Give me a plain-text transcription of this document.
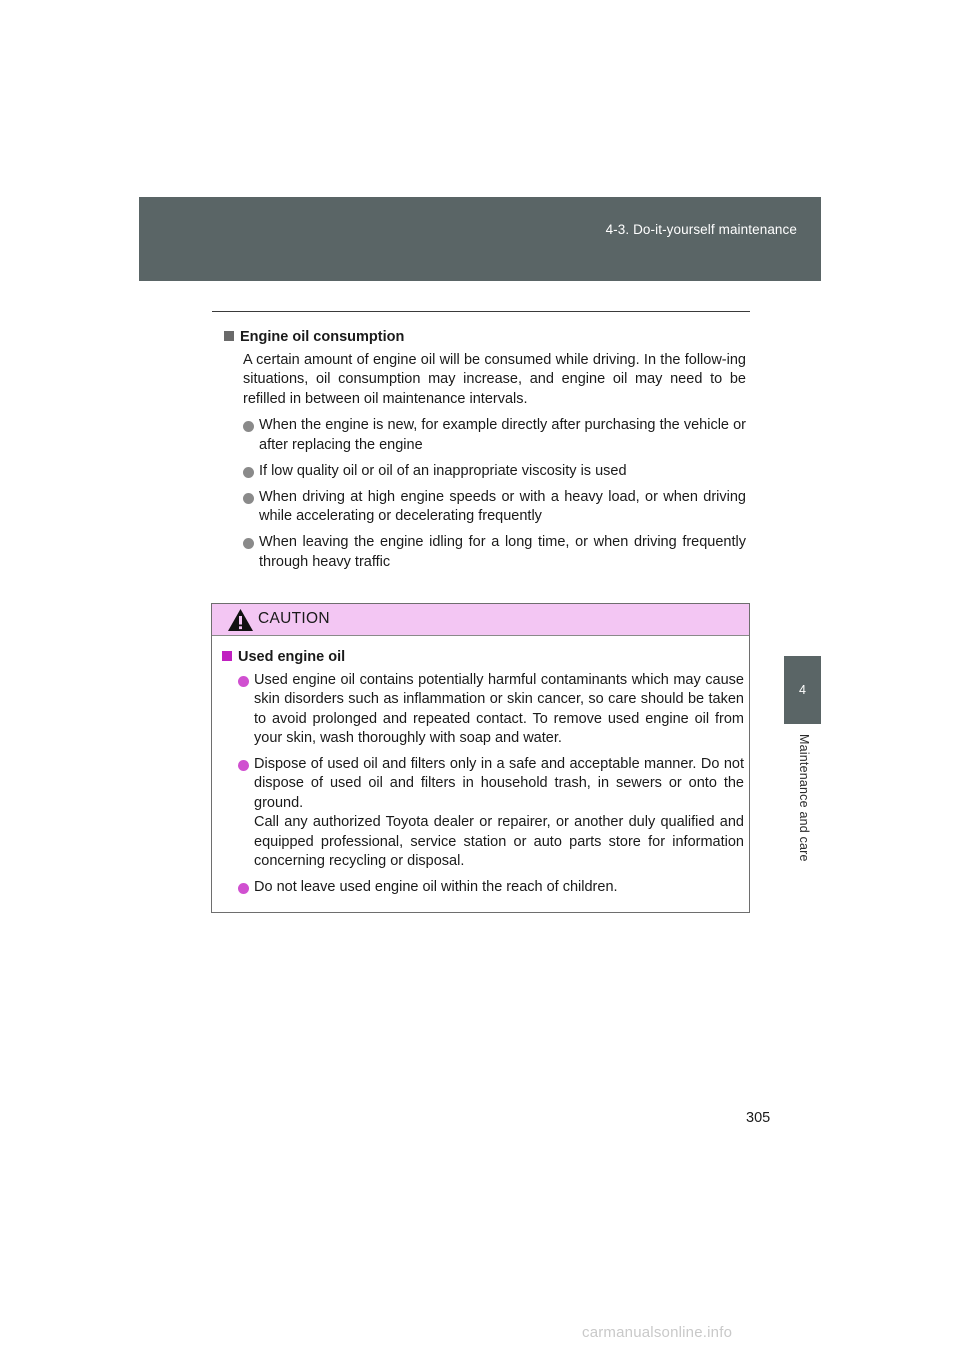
4-3. Do-it-yourself maintenance
4
Maintenance and care
Engine oil consumption

A certain amount of engine oil will be consumed while driving. In the follow-ing situations, oil consumption may increase, and engine oil may need to be refilled in between oil maintenance intervals.

When the engine is new, for example directly after purchasing the vehicle or after replacing the engine
If low quality oil or oil of an inappropriate viscosity is used
When driving at high engine speeds or with a heavy load, or when driving while accelerating or decelerating frequently
When leaving the engine idling for a long time, or when driving frequently through heavy traffic
CAUTION
Used engine oil
Used engine oil contains potentially harmful contaminants which may cause skin disorders such as inflammation or skin cancer, so care should be taken to avoid prolonged and repeated contact. To remove used engine oil from your skin, wash thoroughly with soap and water.
Dispose of used oil and filters only in a safe and acceptable manner. Do not dispose of used oil and filters in household trash, in sewers or onto the ground.
Call any authorized Toyota dealer or repairer, or another duly qualified and equipped professional, service station or auto parts store for information concerning recycling or disposal.
Do not leave used engine oil within the reach of children.
305
carmanualsonline.info
